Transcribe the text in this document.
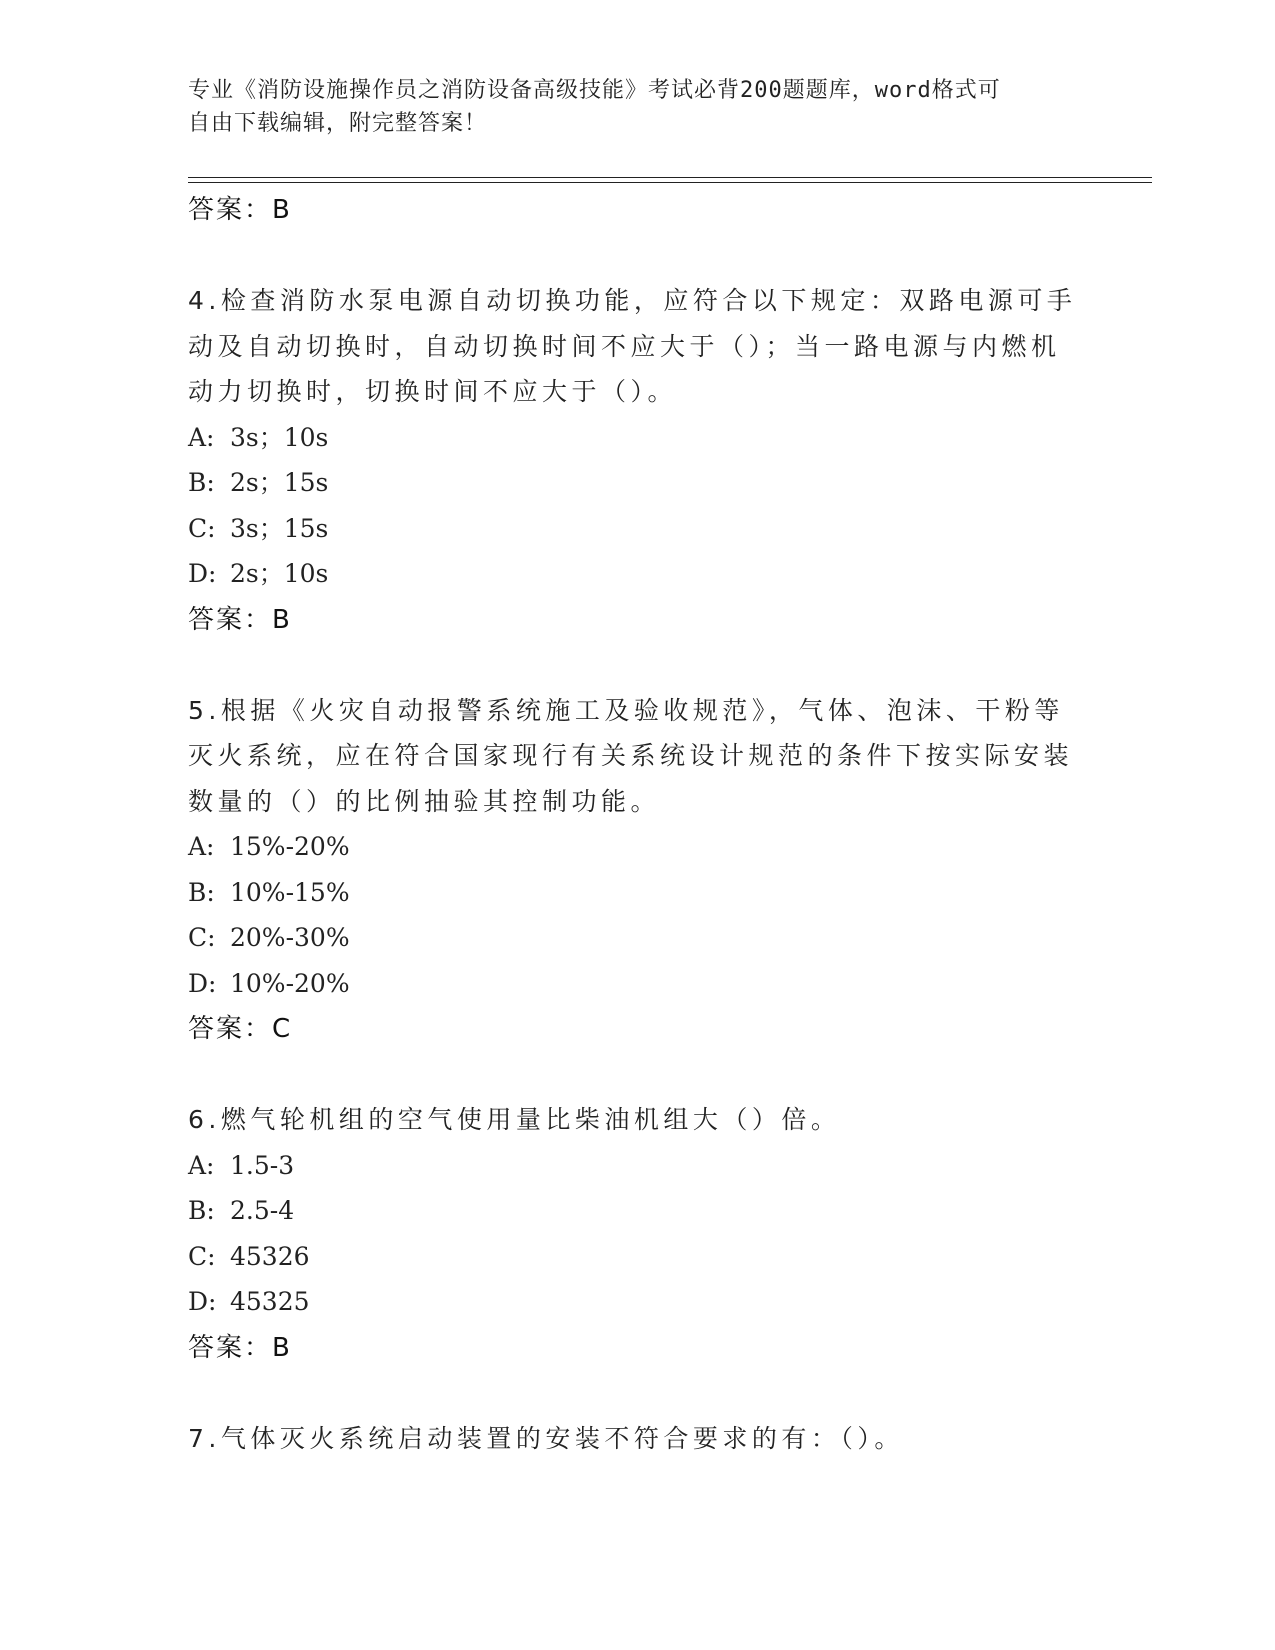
专业《消防设施操作员之消防设备高级技能》考试必背200题题库，word格式可
自由下载编辑，附完整答案！
答案：B
4.检查消防水泵电源自动切换功能，应符合以下规定：双路电源可手
动及自动切换时，自动切换时间不应大于（）；当一路电源与内燃机
动力切换时，切换时间不应大于（）。
A: 3s；10s
B: 2s；15s
C: 3s；15s
D: 2s；10s
答案：B
5.根据《火灾自动报警系统施工及验收规范》，气体、泡沫、干粉等
灭火系统，应在符合国家现行有关系统设计规范的条件下按实际安装
数量的（）的比例抽验其控制功能。
A: 15%-20%
B: 10%-15%
C: 20%-30%
D: 10%-20%
答案：C
6.燃气轮机组的空气使用量比柴油机组大（）倍。
A: 1.5-3
B: 2.5-4
C: 45326
D: 45325
答案：B
7.气体灭火系统启动装置的安装不符合要求的有：（）。
